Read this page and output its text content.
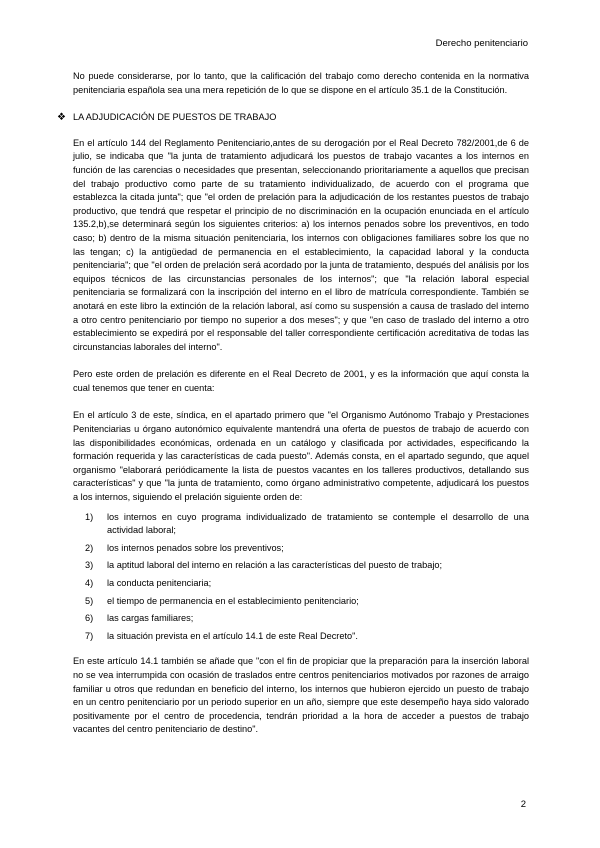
Derecho penitenciario

No puede considerarse, por lo tanto, que la calificación del trabajo como derecho contenida en la normativa penitenciaria española sea una mera repetición de lo que se dispone en el artículo 35.1 de la Constitución.

❖ LA ADJUDICACIÓN DE PUESTOS DE TRABAJO

En el artículo 144 del Reglamento Penitenciario,antes de su derogación por el Real Decreto 782/2001,de 6 de julio, se indicaba que "la junta de tratamiento adjudicará los puestos de trabajo vacantes a los internos en función de las carencias o necesidades que presentan, seleccionando prioritariamente a aquellos que precisan del trabajo productivo como parte de su tratamiento individualizado, de acuerdo con el programa que establezca la citada junta"; que "el orden de prelación para la adjudicación de los restantes puestos de trabajo productivo, que tendrá que respetar el principio de no discriminación en la ocupación enunciada en el artículo 135.2,b),se determinará según los siguientes criterios: a) los internos penados sobre los preventivos, en todo caso; b) dentro de la misma situación penitenciaria, los internos con obligaciones familiares sobre los que no las tengan; c) la antigüedad de permanencia en el establecimiento, la capacidad laboral y la conducta penitenciaria"; que "el orden de prelación será acordado por la junta de tratamiento, después del análisis por los equipos técnicos de las circunstancias personales de los internos"; que "la relación laboral especial penitenciaria se formalizará con la inscripción del interno en el libro de matrícula correspondiente. También se anotará en este libro la extinción de la relación laboral, así como su suspensión a causa de traslado del interno a otro centro penitenciario por tiempo no superior a dos meses"; y que "en caso de traslado del interno a otro establecimiento se expedirá por el responsable del taller correspondiente certificación acreditativa de todas las circunstancias laborales del interno".

Pero este orden de prelación es diferente en el Real Decreto de 2001, y es la información que aquí consta la cual tenemos que tener en cuenta:

En el artículo 3 de este, síndica, en el apartado primero que "el Organismo Autónomo Trabajo y Prestaciones Penitenciarias u órgano autonómico equivalente mantendrá una oferta de puestos de trabajo de acuerdo con las disponibilidades económicas, ordenada en un catálogo y clasificada por actividades, especificando la formación requerida y las características de cada puesto". Además consta, en el apartado segundo, que aquel organismo "elaborará periódicamente la lista de puestos vacantes en los talleres productivos, detallando sus características" y que "la junta de tratamiento, como órgano administrativo competente, adjudicará los puestos a los internos, siguiendo el prelación siguiente orden de:

1)	los internos en cuyo programa individualizado de tratamiento se contemple el desarrollo de una actividad laboral;
2)	los internos penados sobre los preventivos;
3)	la aptitud laboral del interno en relación a las características del puesto de trabajo;
4)	la conducta penitenciaria;
5)	el tiempo de permanencia en el establecimiento penitenciario;
6)	las cargas familiares;
7)	la situación prevista en el artículo 14.1 de este Real Decreto".

En este artículo 14.1 también se añade que "con el fin de propiciar que la preparación para la inserción laboral no se vea interrumpida con ocasión de traslados entre centros penitenciarios motivados por razones de arraigo familiar u otros que redundan en beneficio del interno, los internos que hubieron ejercido un puesto de trabajo en un centro penitenciario por un periodo superior en un año, siempre que este desempeño haya sido valorado positivamente por el centro de procedencia, tendrán prioridad a la hora de acceder a puestos de trabajo vacantes del centro penitenciario de destino".

2
